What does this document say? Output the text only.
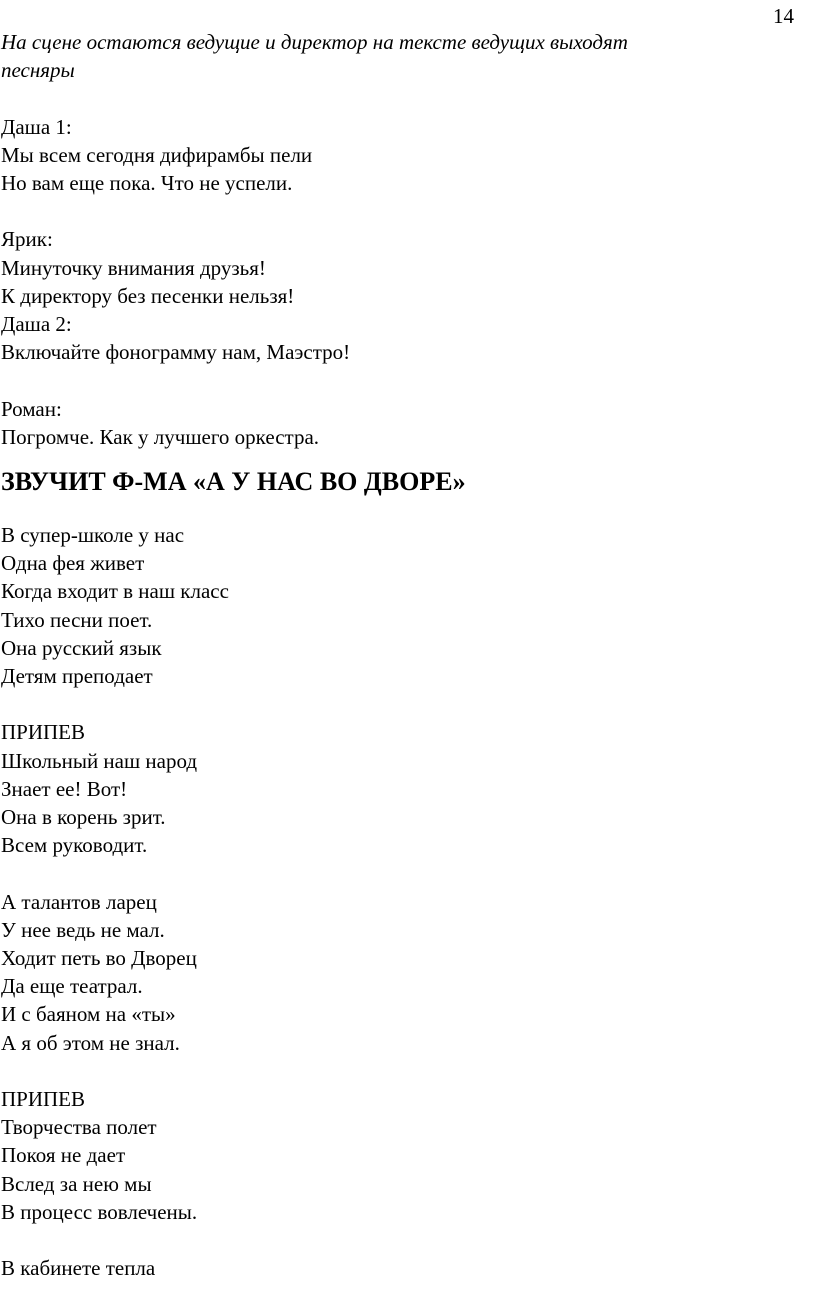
14
На сцене остаются ведущие и директор на тексте ведущих выходят
песняры
Даша 1:
Мы всем сегодня дифирамбы пели
Но вам еще пока. Что не успели.
Ярик:
Минуточку внимания друзья!
К директору без песенки нельзя!
Даша 2:
Включайте фонограмму нам, Маэстро!
Роман:
Погромче. Как у лучшего оркестра.
ЗВУЧИТ Ф-МА «А У НАС ВО ДВОРЕ»
В супер-школе у нас
Одна фея живет
Когда входит в наш класс
Тихо песни поет.
Она русский язык
Детям преподает
ПРИПЕВ
Школьный наш народ
Знает ее! Вот!
Она в корень зрит.
Всем руководит.
А талантов ларец
У нее ведь не мал.
Ходит петь во Дворец
Да еще театрал.
И с баяном на «ты»
А я об этом не знал.
ПРИПЕВ
Творчества полет
Покоя не дает
Вслед за нею мы
В процесс вовлечены.
В кабинете тепла
